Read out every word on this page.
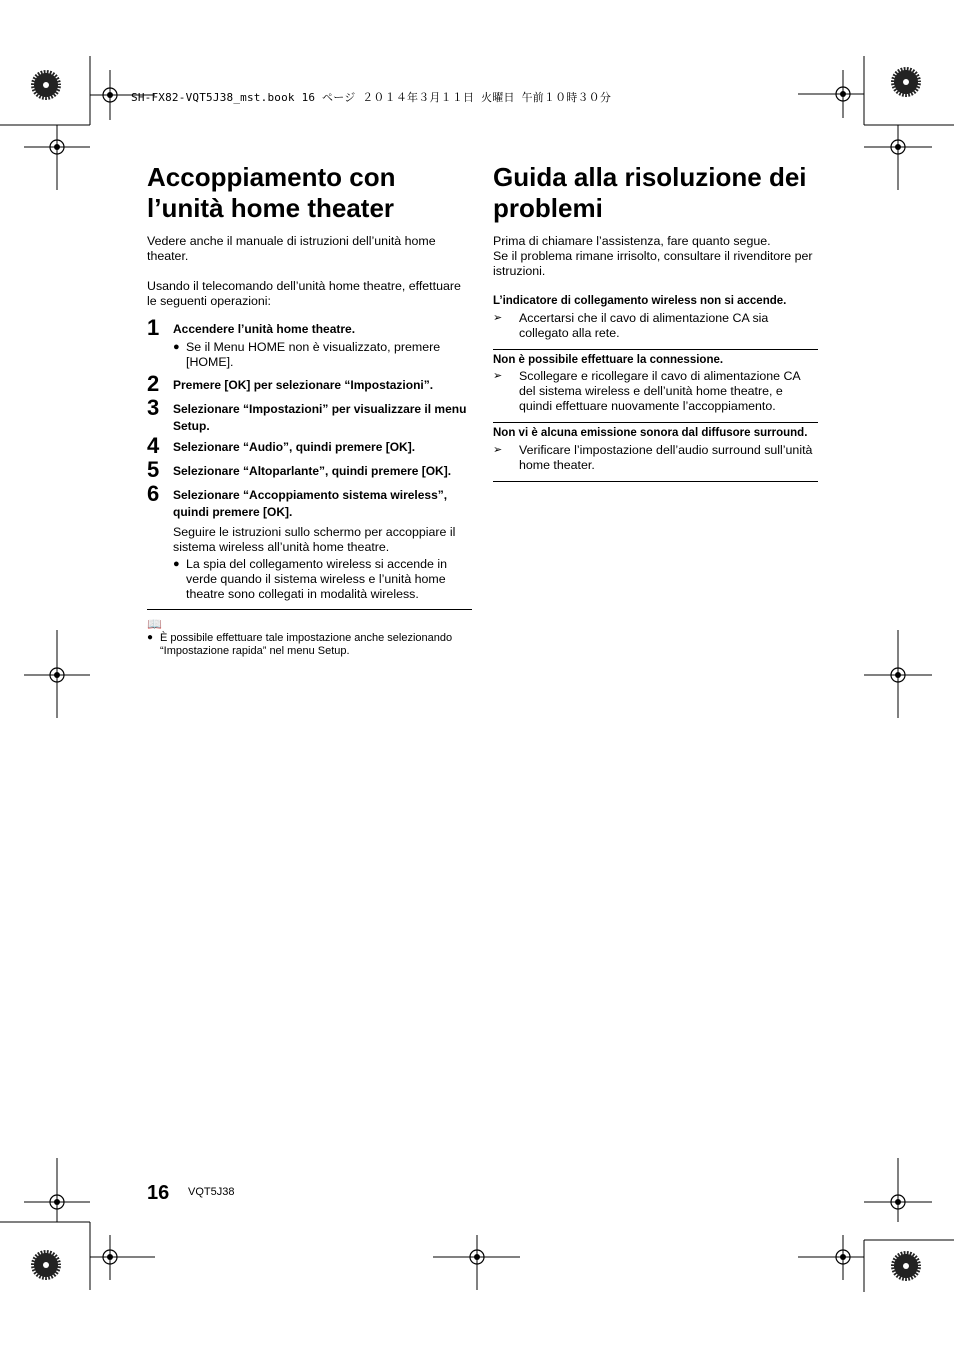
SH-FX82-VQT5J38_mst.book 16 ページ ２０１４年３月１１日 火曜日 午前１０時３０分
Accoppiamento con
l’unità home theater

Vedere anche il manuale di istruzioni dell’unità home theater.

Usando il telecomando dell’unità home theatre, effettuare le seguenti operazioni:

1 Accendere l’unità home theatre.
● Se il Menu HOME non è visualizzato, premere [HOME].
2 Premere [OK] per selezionare “Impostazioni”.
3 Selezionare “Impostazioni” per visualizzare il menu Setup.
4 Selezionare “Audio”, quindi premere [OK].
5 Selezionare “Altoparlante”, quindi premere [OK].
6 Selezionare “Accoppiamento sistema wireless”, quindi premere [OK].
Seguire le istruzioni sullo schermo per accoppiare il sistema wireless all’unità home theatre.
● La spia del collegamento wireless si accende in verde quando il sistema wireless e l’unità home theatre sono collegati in modalità wireless.
📖
● È possibile effettuare tale impostazione anche selezionando “Impostazione rapida” nel menu Setup.
Guida alla risoluzione dei
problemi

Prima di chiamare l’assistenza, fare quanto segue.

Se il problema rimane irrisolto, consultare il rivenditore per istruzioni.

L’indicatore di collegamento wireless non si accende.
➢ Accertarsi che il cavo di alimentazione CA sia collegato alla rete.
Non è possibile effettuare la connessione.
➢ Scollegare e ricollegare il cavo di alimentazione CA del sistema wireless e dell’unità home theatre, e quindi effettuare nuovamente l’accoppiamento.
Non vi è alcuna emissione sonora dal diffusore surround.
➢ Verificare l’impostazione dell’audio surround sull’unità home theater.
16 VQT5J38
